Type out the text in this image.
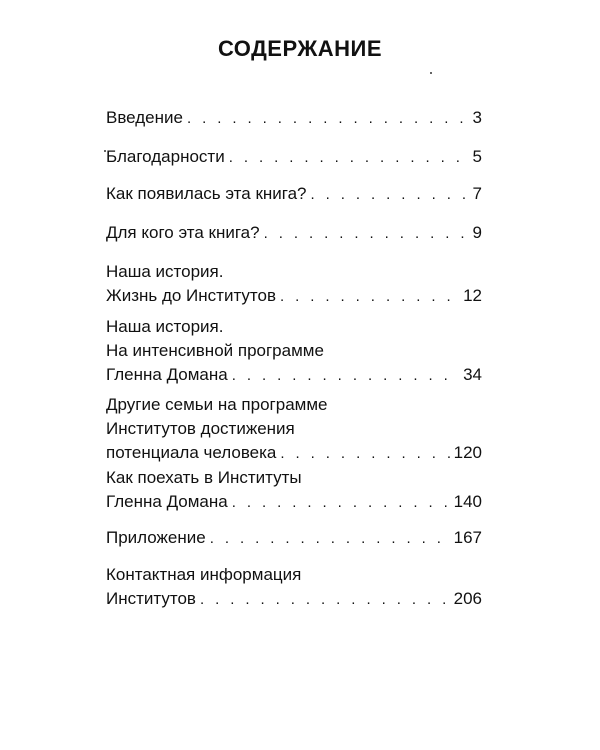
СОДЕРЖАНИЕ
Введение . . .	3
Благодарности . . .	5
Как появилась эта книга? . . .	7
Для кого эта книга? . . .	9
Наша история.
Жизнь до Институтов . . .	12
Наша история.
На интенсивной программе
Гленна Домана . . .	34
Другие семьи на программе
Институтов достижения
потенциала человека . . .	120
Как поехать в Институты
Гленна Домана . . .	140
Приложение . . .	167
Контактная информация
Институтов . . .	206
